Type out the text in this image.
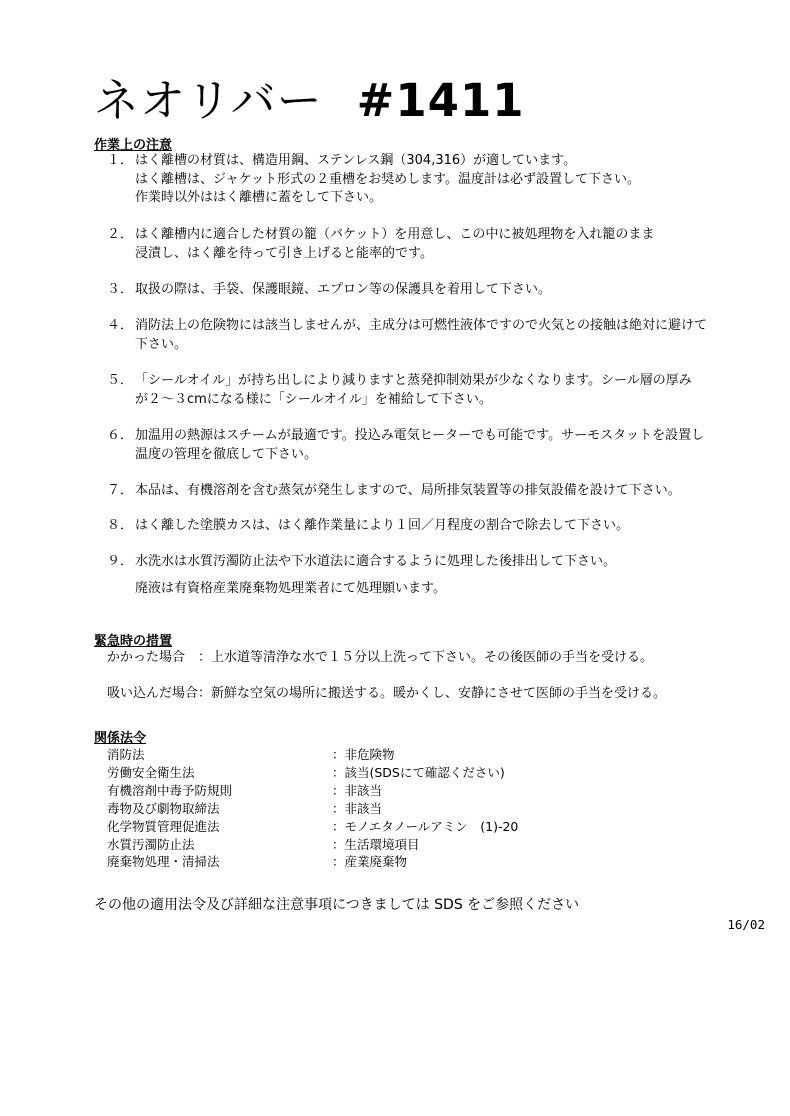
ネオリバー #1411
作業上の注意
１． はく離槽の材質は、構造用鋼、ステンレス鋼（304,316）が適しています。
はく離槽は、ジャケット形式の２重槽をお奨めします。温度計は必ず設置して下さい。
作業時以外ははく離槽に蓋をして下さい。
２． はく離槽内に適合した材質の籠（バケット）を用意し、この中に被処理物を入れ籠のまま
浸漬し、はく離を待って引き上げると能率的です。
３． 取扱の際は、手袋、保護眼鏡、エプロン等の保護具を着用して下さい。
４． 消防法上の危険物には該当しませんが、主成分は可燃性液体ですので火気との接触は絶対に避けて
下さい。
５． 「シールオイル」が持ち出しにより減りますと蒸発抑制効果が少なくなります。シール層の厚み
が２～３cmになる様に「シールオイル」を補給して下さい。
６． 加温用の熱源はスチームが最適です。投込み電気ヒーターでも可能です。サーモスタットを設置し
温度の管理を徹底して下さい。
７． 本品は、有機溶剤を含む蒸気が発生しますので、局所排気装置等の排気設備を設けて下さい。
８． はく離した塗膜カスは、はく離作業量により１回／月程度の割合で除去して下さい。
９． 水洗水は水質汚濁防止法や下水道法に適合するように処理した後排出して下さい。
廃液は有資格産業廃棄物処理業者にて処理願います。
緊急時の措置
かかった場合　：上水道等清浄な水で１５分以上洗って下さい。その後医師の手当を受ける。
吸い込んだ場合：新鮮な空気の場所に搬送する。暖かくし、安静にさせて医師の手当を受ける。
関係法令
消防法	：非危険物
労働安全衛生法	：該当(SDSにて確認ください)
有機溶剤中毒予防規則	：非該当
毒物及び劇物取締法	：非該当
化学物質管理促進法	：モノエタノールアミン　(1)-20
水質汚濁防止法	：生活環境項目
廃棄物処理・清掃法	：産業廃棄物
その他の適用法令及び詳細な注意事項につきましては SDS をご参照ください
16/02
